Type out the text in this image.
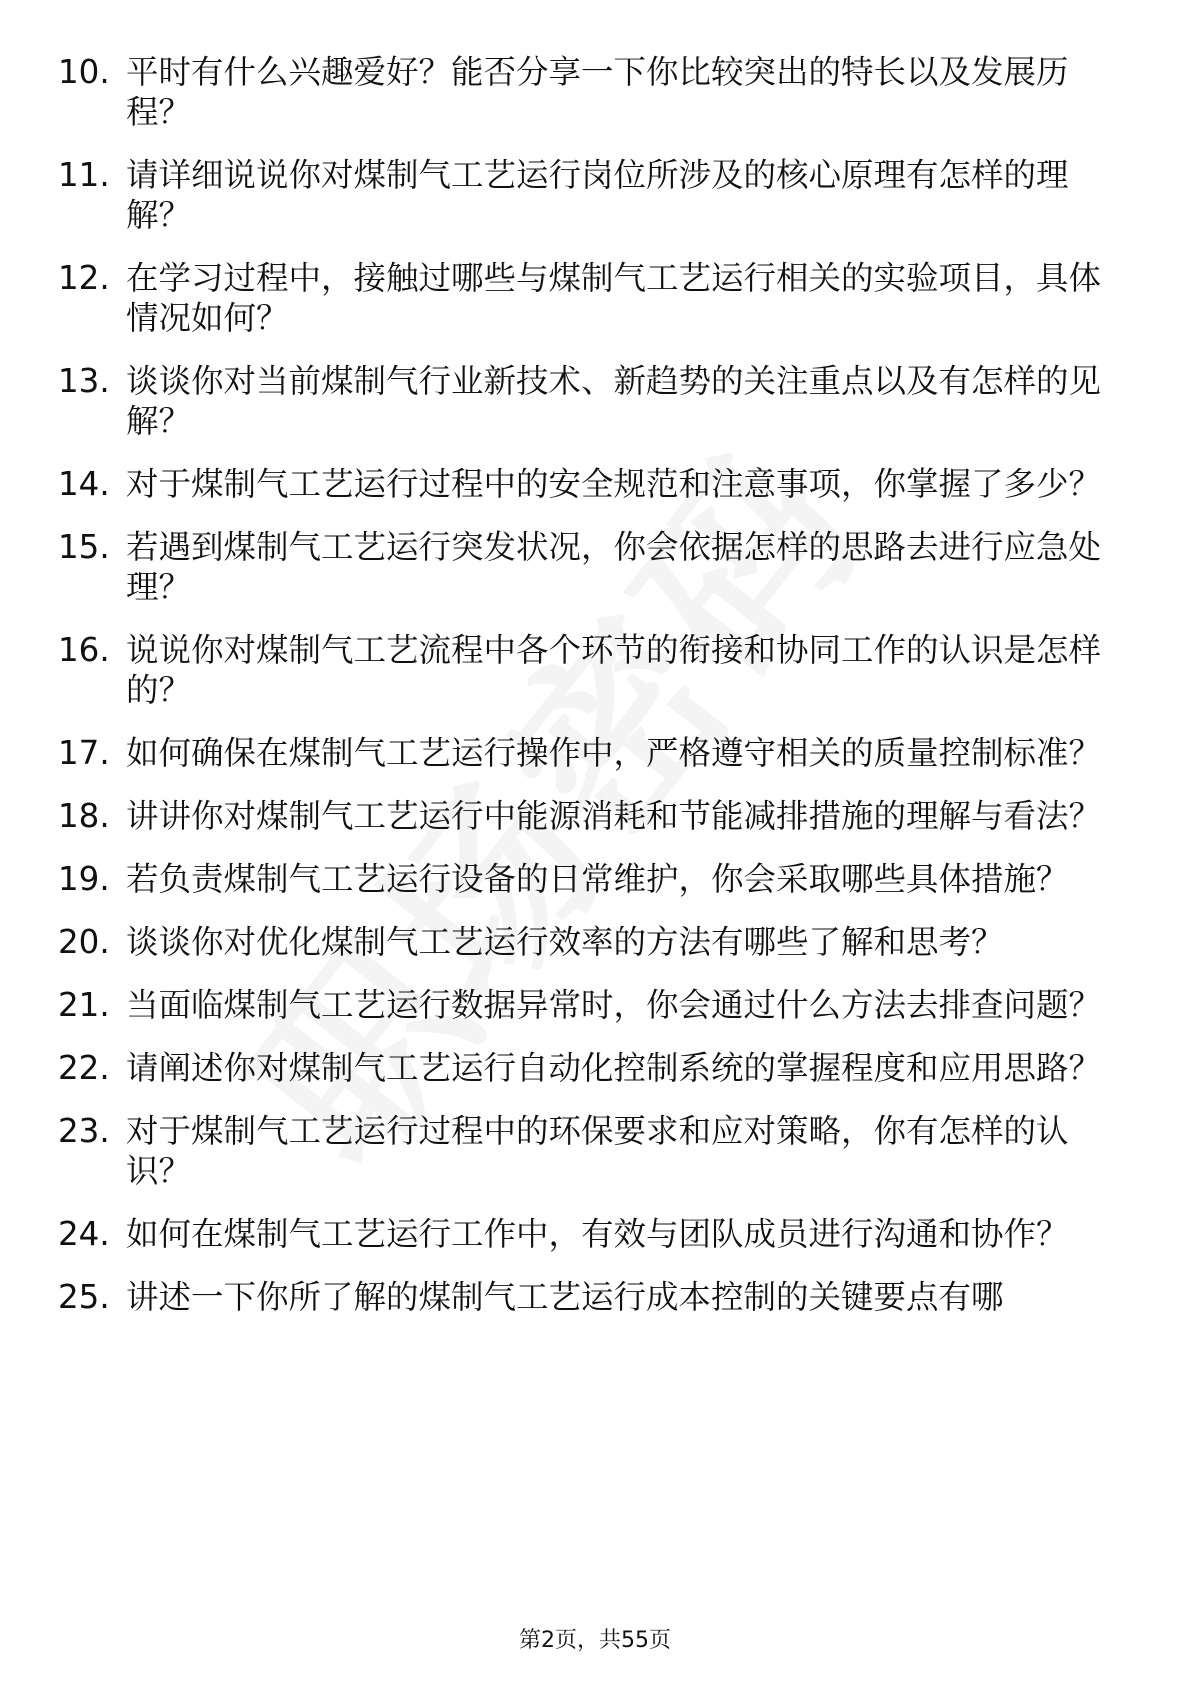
10. 平时有什么兴趣爱好？能否分享一下你比较突出的特长以及发展历程？
11. 请详细说说你对煤制气工艺运行岗位所涉及的核心原理有怎样的理解？
12. 在学习过程中，接触过哪些与煤制气工艺运行相关的实验项目，具体情况如何？
13. 谈谈你对当前煤制气行业新技术、新趋势的关注重点以及有怎样的见解？
14. 对于煤制气工艺运行过程中的安全规范和注意事项，你掌握了多少？
15. 若遇到煤制气工艺运行突发状况，你会依据怎样的思路去进行应急处理？
16. 说说你对煤制气工艺流程中各个环节的衔接和协同工作的认识是怎样的？
17. 如何确保在煤制气工艺运行操作中，严格遵守相关的质量控制标准？
18. 讲讲你对煤制气工艺运行中能源消耗和节能减排措施的理解与看法？
19. 若负责煤制气工艺运行设备的日常维护，你会采取哪些具体措施？
20. 谈谈你对优化煤制气工艺运行效率的方法有哪些了解和思考？
21. 当面临煤制气工艺运行数据异常时，你会通过什么方法去排查问题？
22. 请阐述你对煤制气工艺运行自动化控制系统的掌握程度和应用思路？
23. 对于煤制气工艺运行过程中的环保要求和应对策略，你有怎样的认识？
24. 如何在煤制气工艺运行工作中，有效与团队成员进行沟通和协作？
25. 讲述一下你所了解的煤制气工艺运行成本控制的关键要点有哪
第2页，共55页
